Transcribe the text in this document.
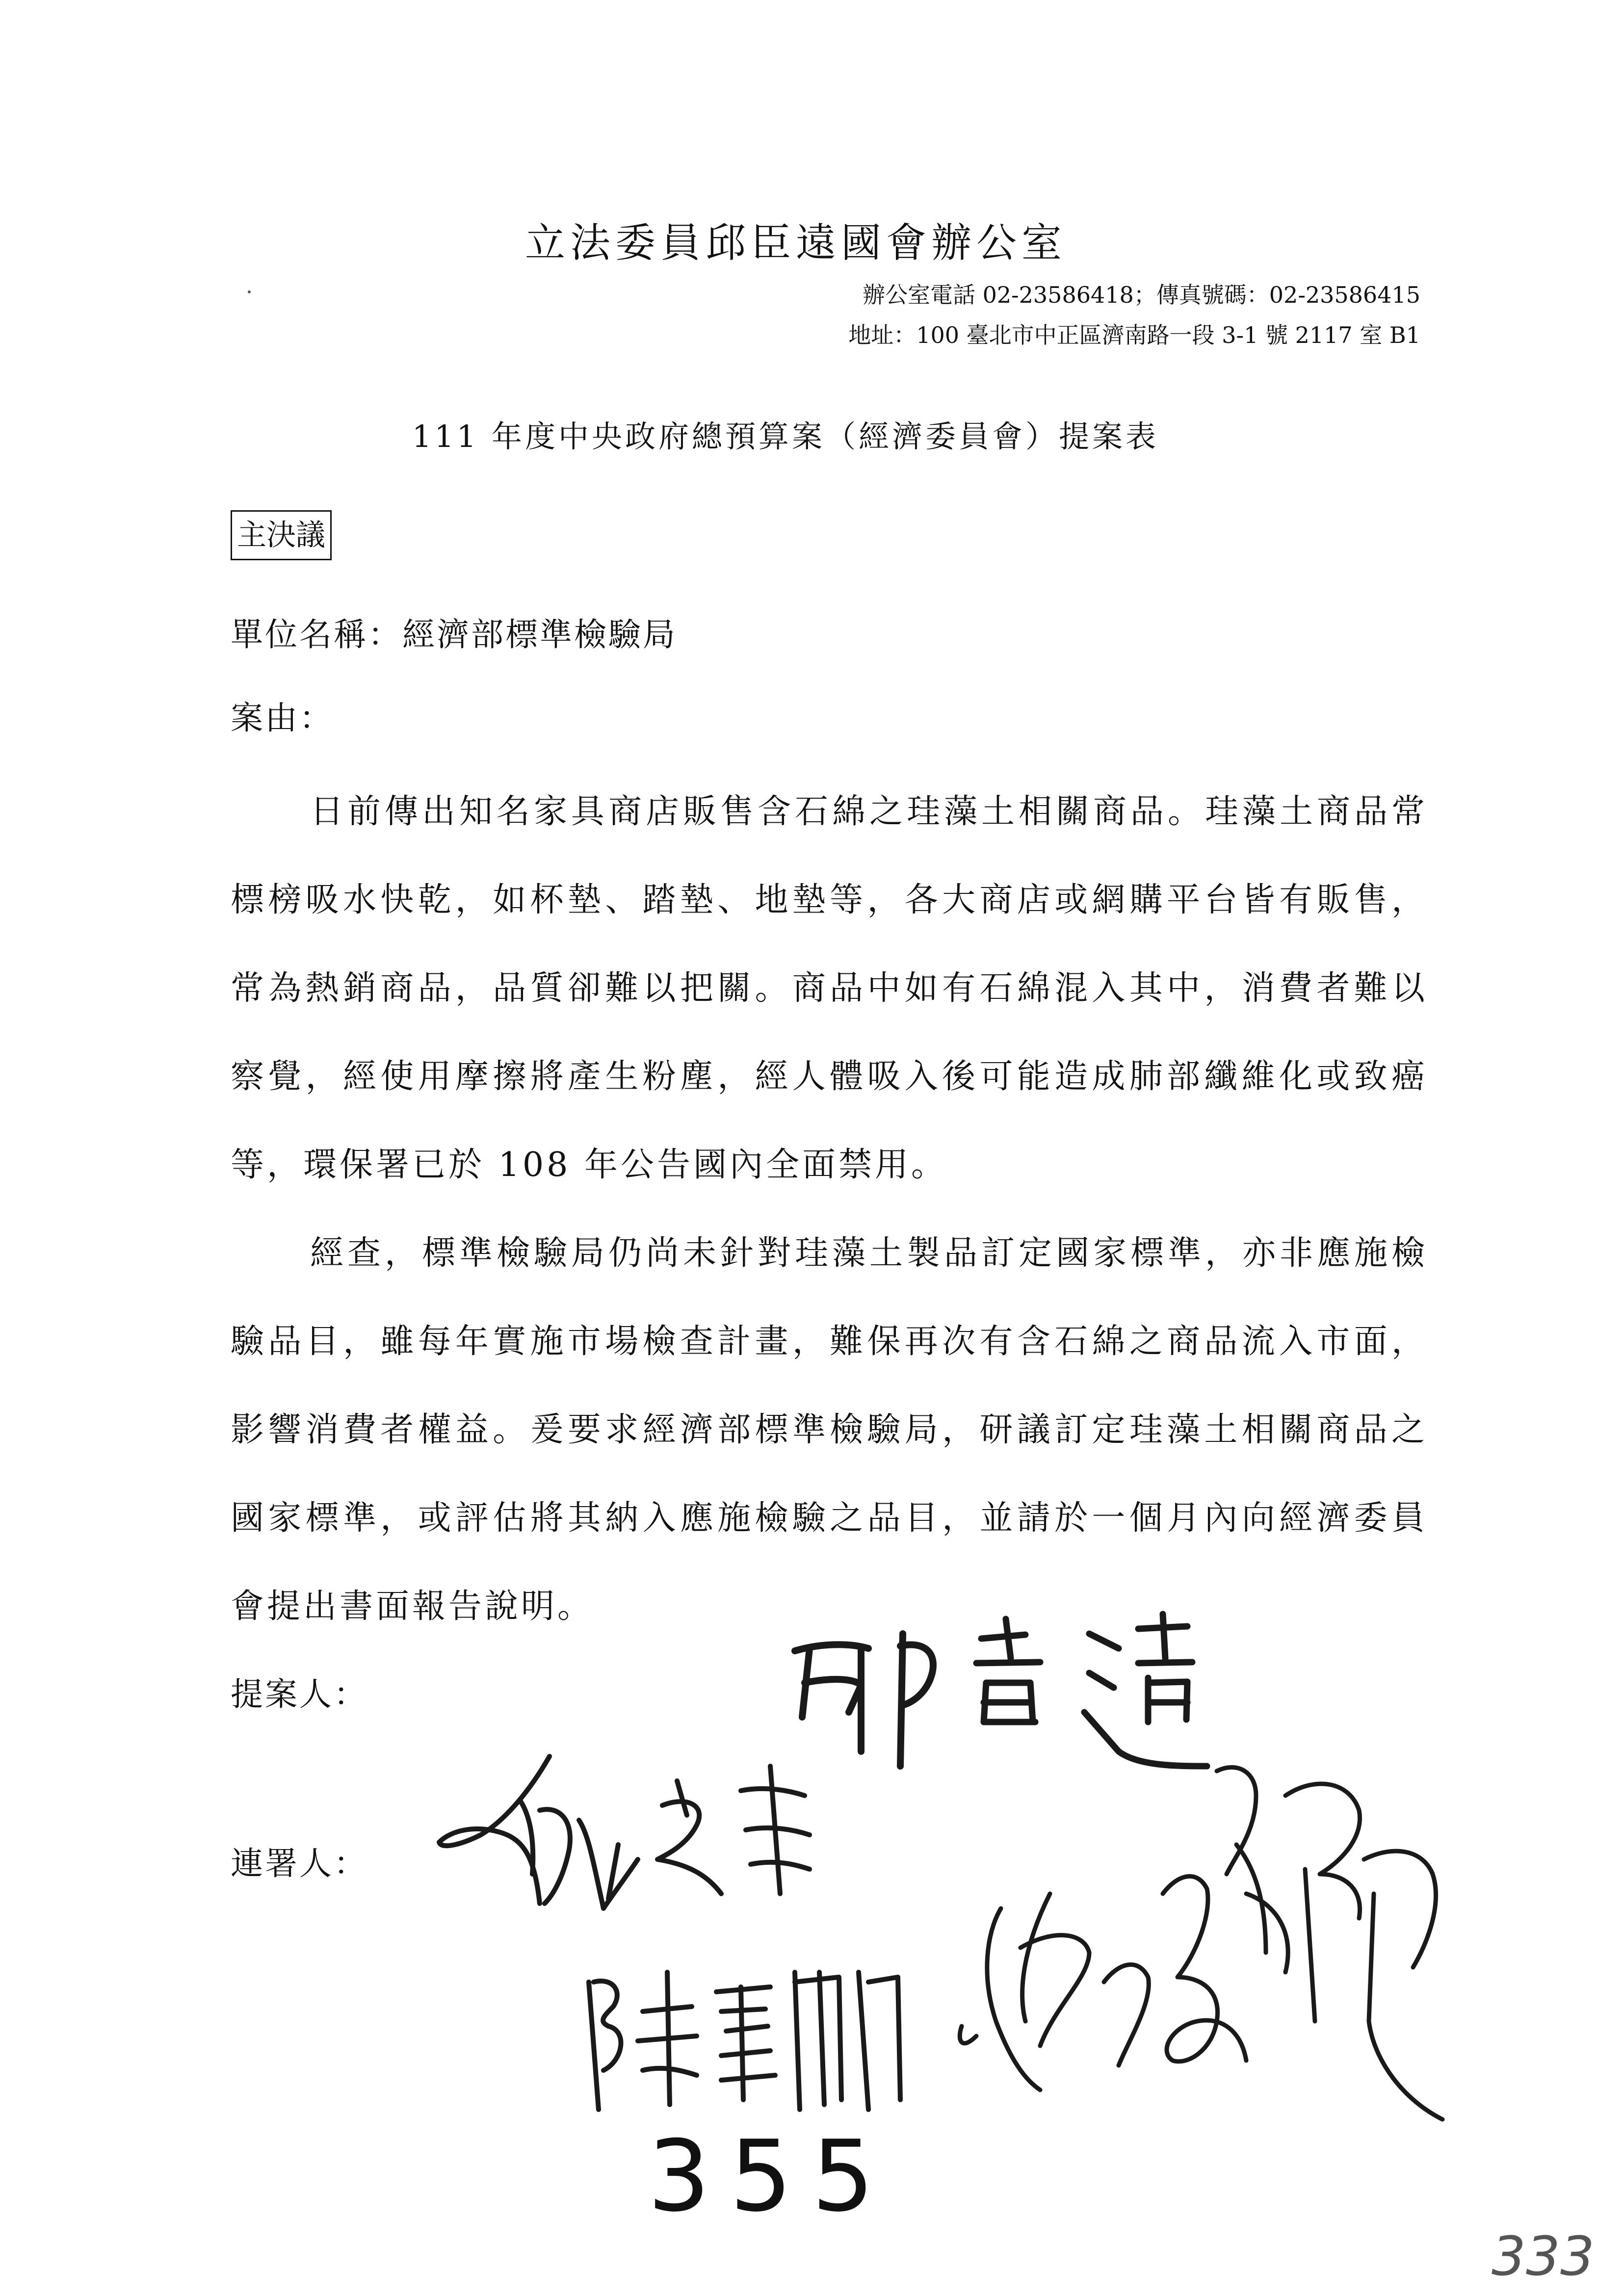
立法委員邱臣遠國會辦公室
辦公室電話 02-23586418；傳真號碼：02-23586415
地址：100 臺北市中正區濟南路一段 3-1 號 2117 室 B1
111 年度中央政府總預算案（經濟委員會）提案表
主決議
單位名稱：經濟部標準檢驗局
案由：

日前傳出知名家具商店販售含石綿之珪藻土相關商品。珪藻土商品常標榜吸水快乾，如杯墊、踏墊、地墊等，各大商店或網購平台皆有販售，常為熱銷商品，品質卻難以把關。商品中如有石綿混入其中，消費者難以察覺，經使用摩擦將產生粉塵，經人體吸入後可能造成肺部纖維化或致癌等，環保署已於 108 年公告國內全面禁用。

經查，標準檢驗局仍尚未針對珪藻土製品訂定國家標準，亦非應施檢驗品目，雖每年實施市場檢查計畫，難保再次有含石綿之商品流入市面，影響消費者權益。爰要求經濟部標準檢驗局，研議訂定珪藻土相關商品之國家標準，或評估將其納入應施檢驗之品目，並請於一個月內向經濟委員會提出書面報告說明。

提案人：
連署人：
355
333
